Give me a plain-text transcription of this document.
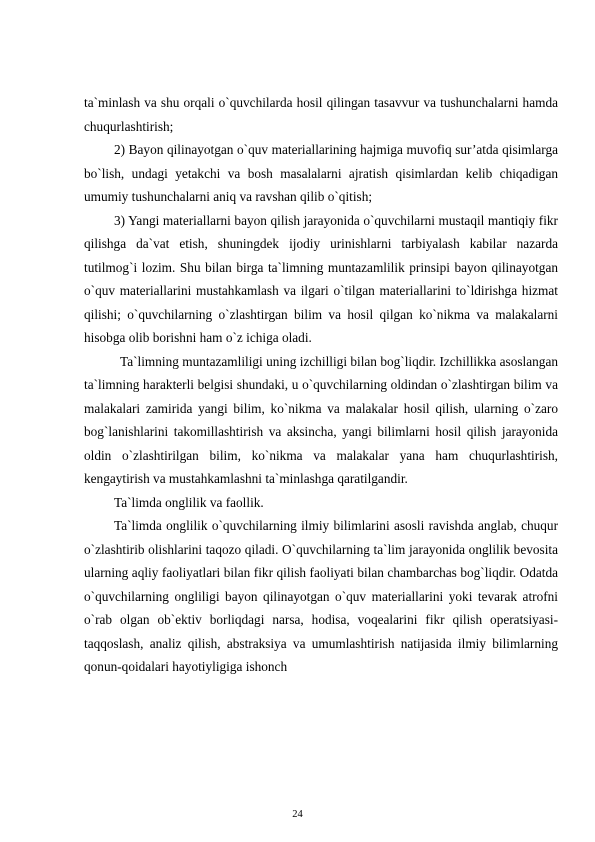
ta`minlash va shu orqali o`quvchilarda hosil qilingan tasavvur va tushunchalarni hamda chuqurlashtirish;

2) Bayon qilinayotgan o`quv materiallarining hajmiga muvofiq sur’atda qisimlarga bo`lish, undagi yetakchi va bosh masalalarni ajratish qisimlardan kelib chiqadigan umumiy tushunchalarni aniq va ravshan qilib o`qitish;

3) Yangi materiallarni bayon qilish jarayonida o`quvchilarni mustaqil mantiqiy fikr qilishga da`vat etish, shuningdek ijodiy urinishlarni tarbiyalash kabilar nazarda tutilmog`i lozim. Shu bilan birga ta`limning muntazamlilik prinsipi bayon qilinayotgan o`quv materiallarini mustahkamlash va ilgari o`tilgan materiallarini to`ldirishga hizmat qilishi; o`quvchilarning o`zlashtirgan bilim va hosil qilgan ko`nikma va malakalarni hisobga olib borishni ham o`z ichiga oladi.

Ta`limning muntazamliligi uning izchilligi bilan bog`liqdir. Izchillikka asoslangan ta`limning harakterli belgisi shundaki, u o`quvchilarning oldindan o`zlashtirgan bilim va malakalari zamirida yangi bilim, ko`nikma va malakalar hosil qilish, ularning o`zaro bog`lanishlarini takomillashtirish va aksincha, yangi bilimlarni hosil qilish jarayonida oldin o`zlashtirilgan bilim, ko`nikma va malakalar yana ham chuqurlashtirish, kengaytirish va mustahkamlashni ta`minlashga qaratilgandir.

Ta`limda onglilik va faollik.

Ta`limda onglilik o`quvchilarning ilmiy bilimlarini asosli ravishda anglab, chuqur o`zlashtirib olishlarini taqozo qiladi. O`quvchilarning ta`lim jarayonida onglilik bevosita ularning aqliy faoliyatlari bilan fikr qilish faoliyati bilan chambarchas bog`liqdir. Odatda o`quvchilarning ongliligi bayon qilinayotgan o`quv materiallarini yoki tevarak atrofni o`rab olgan ob`ektiv borliqdagi narsa, hodisa, voqealarini fikr qilish operatsiyasi-taqqoslash, analiz qilish, abstraksiya va umumlashtirish natijasida ilmiy bilimlarning qonun-qoidalari hayotiyligiga ishonch

24
